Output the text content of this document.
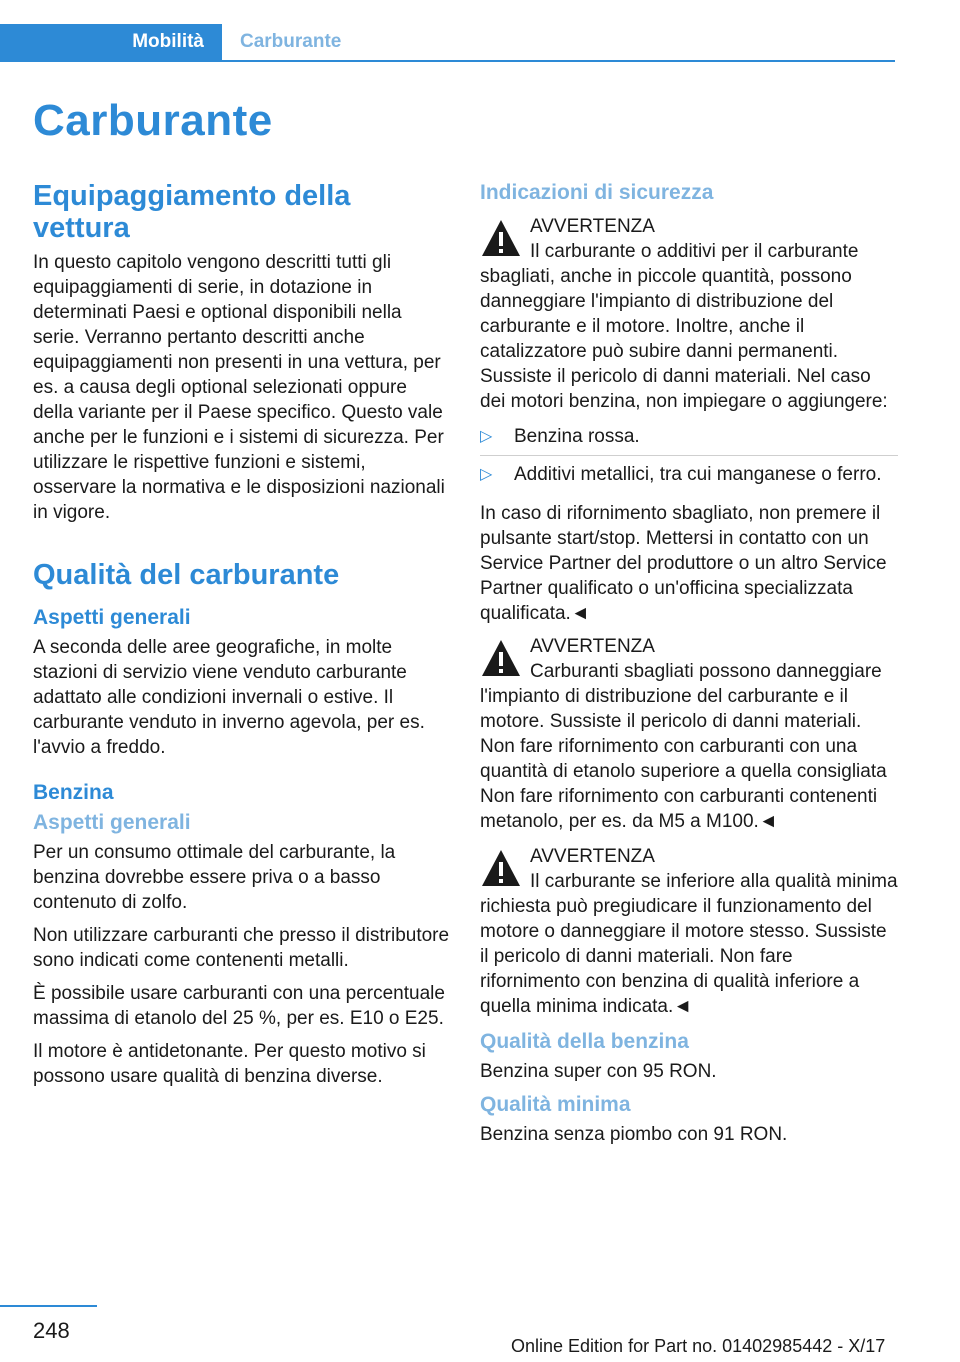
Mobilità Carburante
Carburante
Equipaggiamento della vettura

In questo capitolo vengono descritti tutti gli equipaggiamenti di serie, in dotazione in determinati Paesi e optional disponibili nella serie. Verranno pertanto descritti anche equipaggiamenti non presenti in una vettura, per es. a causa degli optional selezionati oppure della variante per il Paese specifico. Questo vale anche per le funzioni e i sistemi di sicurezza. Per utilizzare le rispettive funzioni e sistemi, osservare la normativa e le disposizioni nazionali in vigore.

Qualità del carburante
Aspetti generali

A seconda delle aree geografiche, in molte stazioni di servizio viene venduto carburante adattato alle condizioni invernali o estive. Il carburante venduto in inverno agevola, per es. l'avvio a freddo.

Benzina
Aspetti generali

Per un consumo ottimale del carburante, la benzina dovrebbe essere priva o a basso contenuto di zolfo.

Non utilizzare carburanti che presso il distributore sono indicati come contenenti metalli.

È possibile usare carburanti con una percentuale massima di etanolo del 25 %, per es. E10 o E25.

Il motore è antidetonante. Per questo motivo si possono usare qualità di benzina diverse.

Indicazioni di sicurezza

AVVERTENZA

Il carburante o additivi per il carburante sbagliati, anche in piccole quantità, possono danneggiare l'impianto di distribuzione del carburante e il motore. Inoltre, anche il catalizzatore può subire danni permanenti. Sussiste il pericolo di danni materiali. Nel caso dei motori benzina, non impiegare o aggiungere:

▷ Benzina rossa.
▷ Additivi metallici, tra cui manganese o ferro.

In caso di rifornimento sbagliato, non premere il pulsante start/stop. Mettersi in contatto con un Service Partner del produttore o un altro Service Partner qualificato o un'officina specializzata qualificata.◄

AVVERTENZA

Carburanti sbagliati possono danneggiare l'impianto di distribuzione del carburante e il motore. Sussiste il pericolo di danni materiali. Non fare rifornimento con carburanti con una quantità di etanolo superiore a quella consigliata Non fare rifornimento con carburanti contenenti metanolo, per es. da M5 a M100.◄

AVVERTENZA

Il carburante se inferiore alla qualità minima richiesta può pregiudicare il funzionamento del motore o danneggiare il motore stesso. Sussiste il pericolo di danni materiali. Non fare rifornimento con benzina di qualità inferiore a quella minima indicata.◄

Qualità della benzina

Benzina super con 95 RON.

Qualità minima

Benzina senza piombo con 91 RON.

248
Online Edition for Part no. 01402985442 - X/17
